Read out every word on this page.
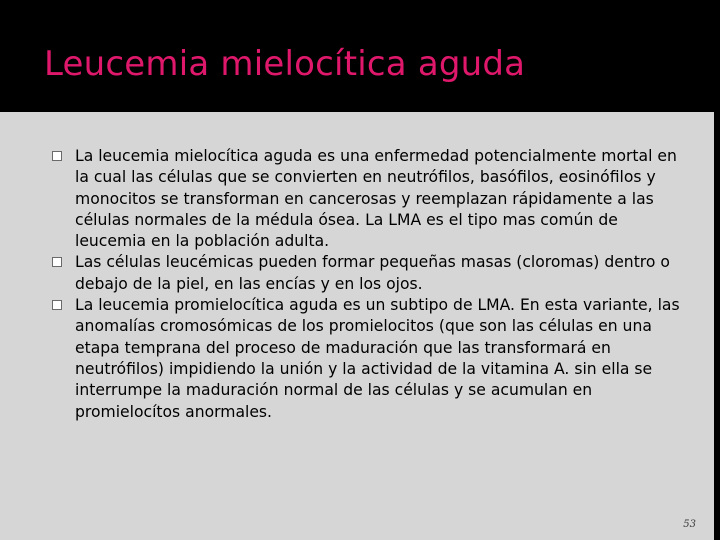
Leucemia mielocítica aguda
La leucemia mielocítica aguda es una enfermedad potencialmente mortal en la cual las células que se convierten en neutrófilos, basófilos, eosinófilos y monocitos se transforman en cancerosas y reemplazan rápidamente a las células normales de la médula ósea. La LMA es el tipo mas común de leucemia en la población adulta.
Las células leucémicas pueden formar pequeñas masas (cloromas) dentro o debajo de la piel, en las encías y en los ojos.
La leucemia promielocítica aguda es un subtipo de LMA. En esta variante, las anomalías cromosómicas de los promielocitos (que son las células en una etapa temprana del proceso de maduración que las transformará en neutrófilos) impidiendo la unión y la actividad de la vitamina A. sin ella se interrumpe la maduración normal de las células y se acumulan en promielocítos anormales.
53
